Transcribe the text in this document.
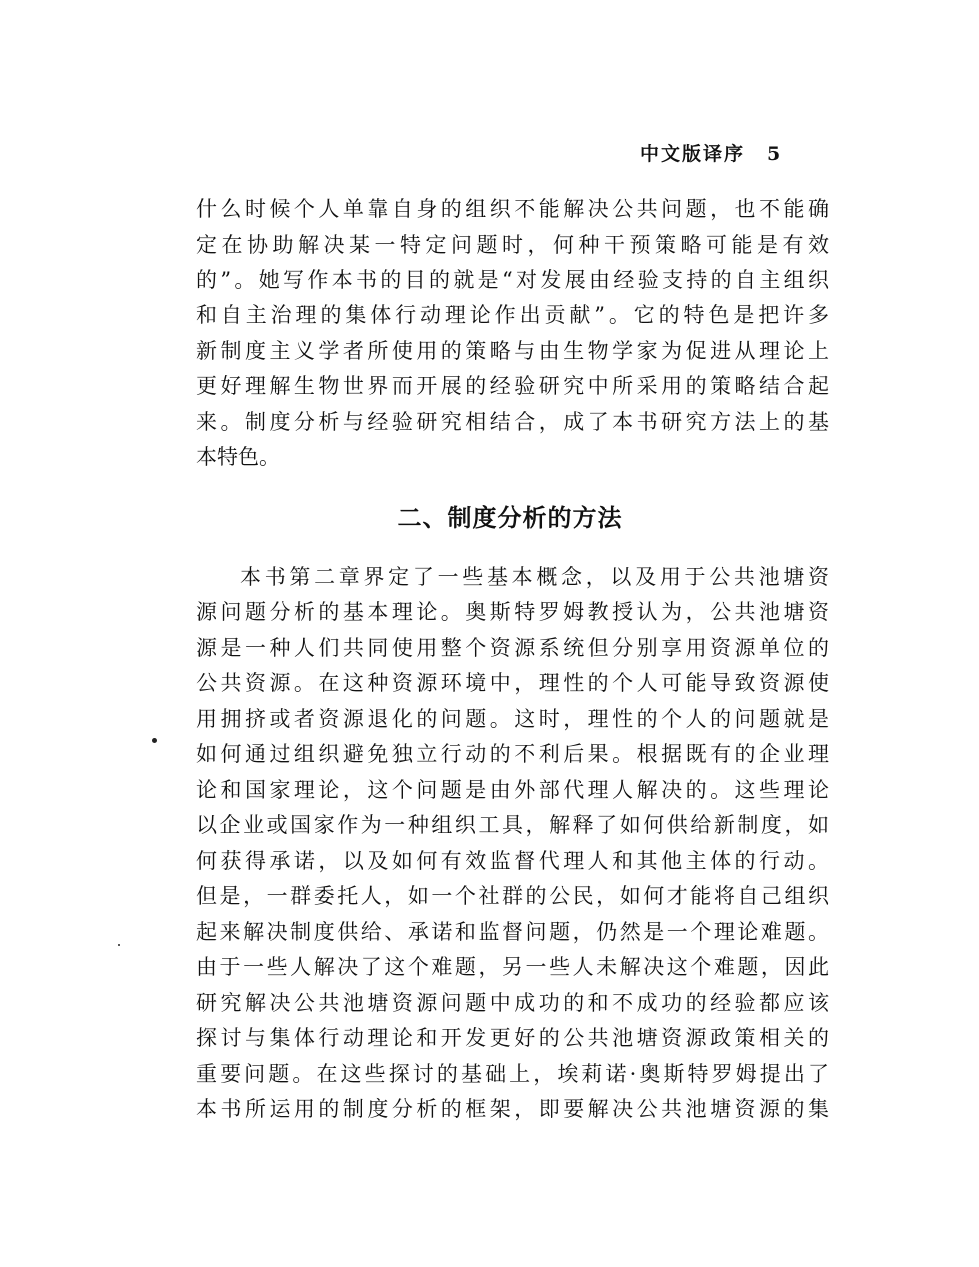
中文版译序 5
什么时候个人单靠自身的组织不能解决公共问题，也不能确
定在协助解决某一特定问题时，何种干预策略可能是有效
的”。她写作本书的目的就是“对发展由经验支持的自主组织
和自主治理的集体行动理论作出贡献”。它的特色是把许多
新制度主义学者所使用的策略与由生物学家为促进从理论上
更好理解生物世界而开展的经验研究中所采用的策略结合起
来。制度分析与经验研究相结合，成了本书研究方法上的基
本特色。
二、制度分析的方法
本书第二章界定了一些基本概念，以及用于公共池塘资
源问题分析的基本理论。奥斯特罗姆教授认为，公共池塘资
源是一种人们共同使用整个资源系统但分别享用资源单位的
公共资源。在这种资源环境中，理性的个人可能导致资源使
用拥挤或者资源退化的问题。这时，理性的个人的问题就是
如何通过组织避免独立行动的不利后果。根据既有的企业理
论和国家理论，这个问题是由外部代理人解决的。这些理论
以企业或国家作为一种组织工具，解释了如何供给新制度，如
何获得承诺，以及如何有效监督代理人和其他主体的行动。
但是，一群委托人，如一个社群的公民，如何才能将自己组织
起来解决制度供给、承诺和监督问题，仍然是一个理论难题。
由于一些人解决了这个难题，另一些人未解决这个难题，因此
研究解决公共池塘资源问题中成功的和不成功的经验都应该
探讨与集体行动理论和开发更好的公共池塘资源政策相关的
重要问题。在这些探讨的基础上，埃莉诺·奥斯特罗姆提出了
本书所运用的制度分析的框架，即要解决公共池塘资源的集
